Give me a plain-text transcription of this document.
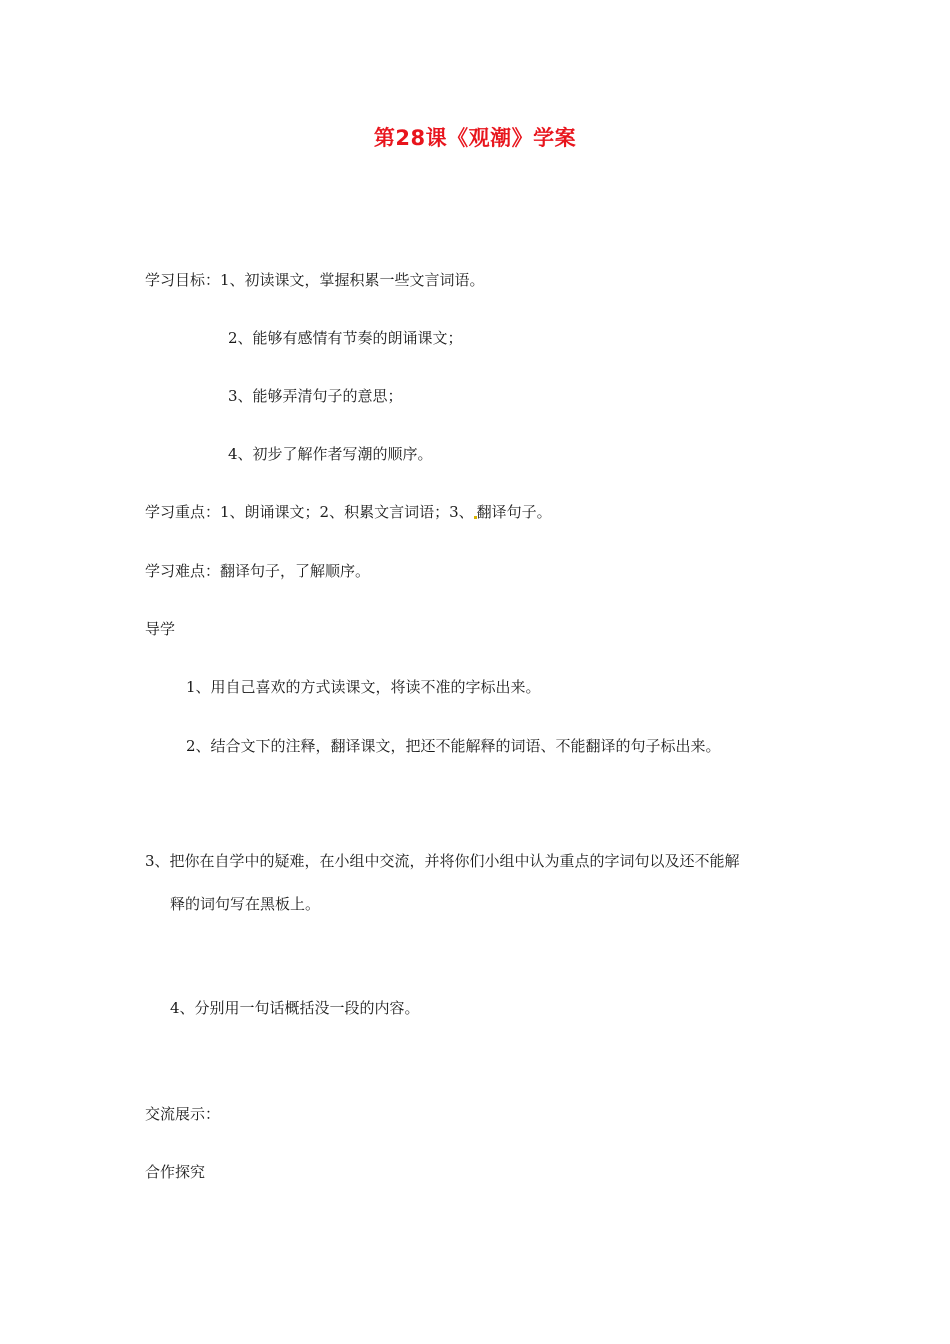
第28课《观潮》学案
学习目标：1、初读课文，掌握积累一些文言词语。
2、能够有感情有节奏的朗诵课文；
3、能够弄清句子的意思；
4、初步了解作者写潮的顺序。
学习重点：1、朗诵课文；2、积累文言词语；3、 翻译句子。
学习难点：翻译句子，了解顺序。
导学
1、用自己喜欢的方式读课文，将读不准的字标出来。
2、结合文下的注释，翻译课文，把还不能解释的词语、不能翻译的句子标出来。
3、把你在自学中的疑难，在小组中交流，并将你们小组中认为重点的字词句以及还不能解
释的词句写在黑板上。
4、分别用一句话概括没一段的内容。
交流展示：
合作探究
